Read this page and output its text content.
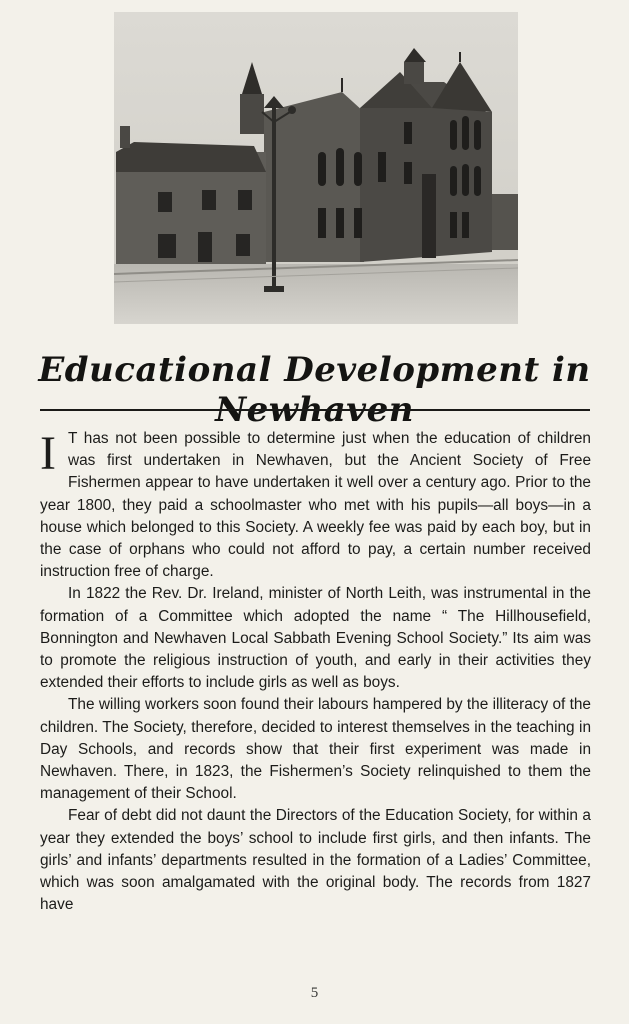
Educational Development in Newhaven

I T has not been possible to determine just when the education of children was first undertaken in Newhaven, but the Ancient Society of Free Fishermen appear to have undertaken it well over a century ago. Prior to the year 1800, they paid a schoolmaster who met with his pupils—all boys—in a house which belonged to this Society. A weekly fee was paid by each boy, but in the case of orphans who could not afford to pay, a certain number received instruction free of charge.

In 1822 the Rev. Dr. Ireland, minister of North Leith, was instrumental in the formation of a Committee which adopted the name “ The Hillhousefield, Bonnington and Newhaven Local Sabbath Evening School Society.” Its aim was to promote the religious instruction of youth, and early in their activities they extended their efforts to include girls as well as boys.

The willing workers soon found their labours hampered by the illiteracy of the children. The Society, therefore, decided to interest themselves in the teaching in Day Schools, and records show that their first experiment was made in Newhaven. There, in 1823, the Fishermen’s Society relinquished to them the management of their School.

Fear of debt did not daunt the Directors of the Education Society, for within a year they extended the boys’ school to include first girls, and then infants. The girls’ and infants’ departments resulted in the formation of a Ladies’ Committee, which was soon amalgamated with the original body. The records from 1827 have

5
